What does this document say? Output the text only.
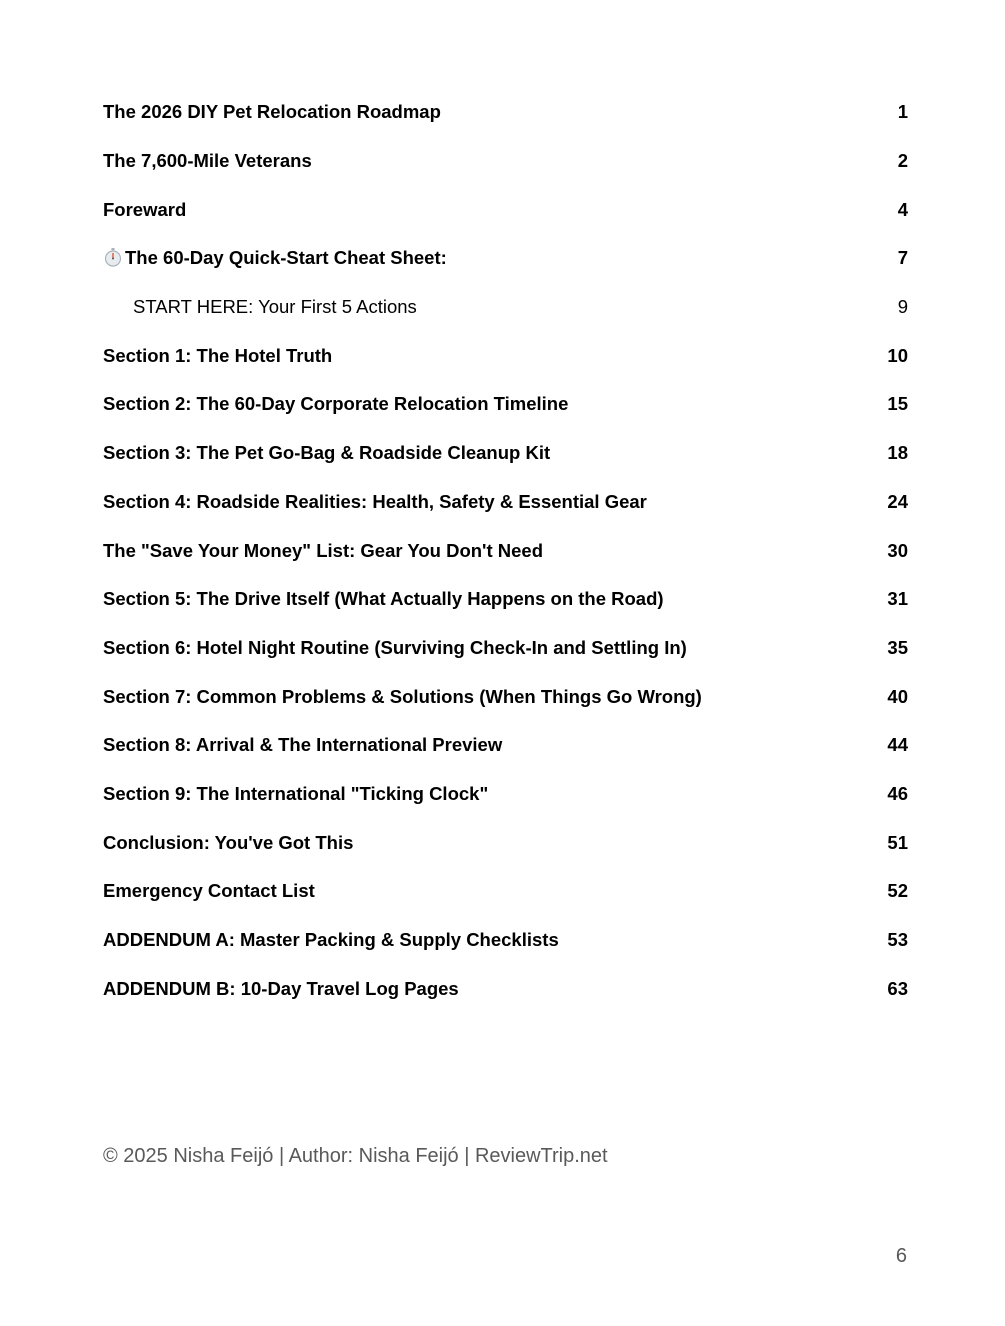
The 2026 DIY Pet Relocation Roadmap	1
The 7,600-Mile Veterans	2
Foreward	4
The 60-Day Quick-Start Cheat Sheet:	7
START HERE: Your First 5 Actions	9
Section 1: The Hotel Truth	10
Section 2: The 60-Day Corporate Relocation Timeline	15
Section 3: The Pet Go-Bag & Roadside Cleanup Kit	18
Section 4: Roadside Realities: Health, Safety & Essential Gear	24
The "Save Your Money" List: Gear You Don't Need	30
Section 5: The Drive Itself (What Actually Happens on the Road)	31
Section 6: Hotel Night Routine (Surviving Check-In and Settling In)	35
Section 7: Common Problems & Solutions (When Things Go Wrong)	40
Section 8: Arrival & The International Preview	44
Section 9: The International "Ticking Clock"	46
Conclusion: You've Got This	51
Emergency Contact List	52
ADDENDUM A: Master Packing & Supply Checklists	53
ADDENDUM B: 10-Day Travel Log Pages	63
© 2025 Nisha Feijó | Author: Nisha Feijó | ReviewTrip.net
6
